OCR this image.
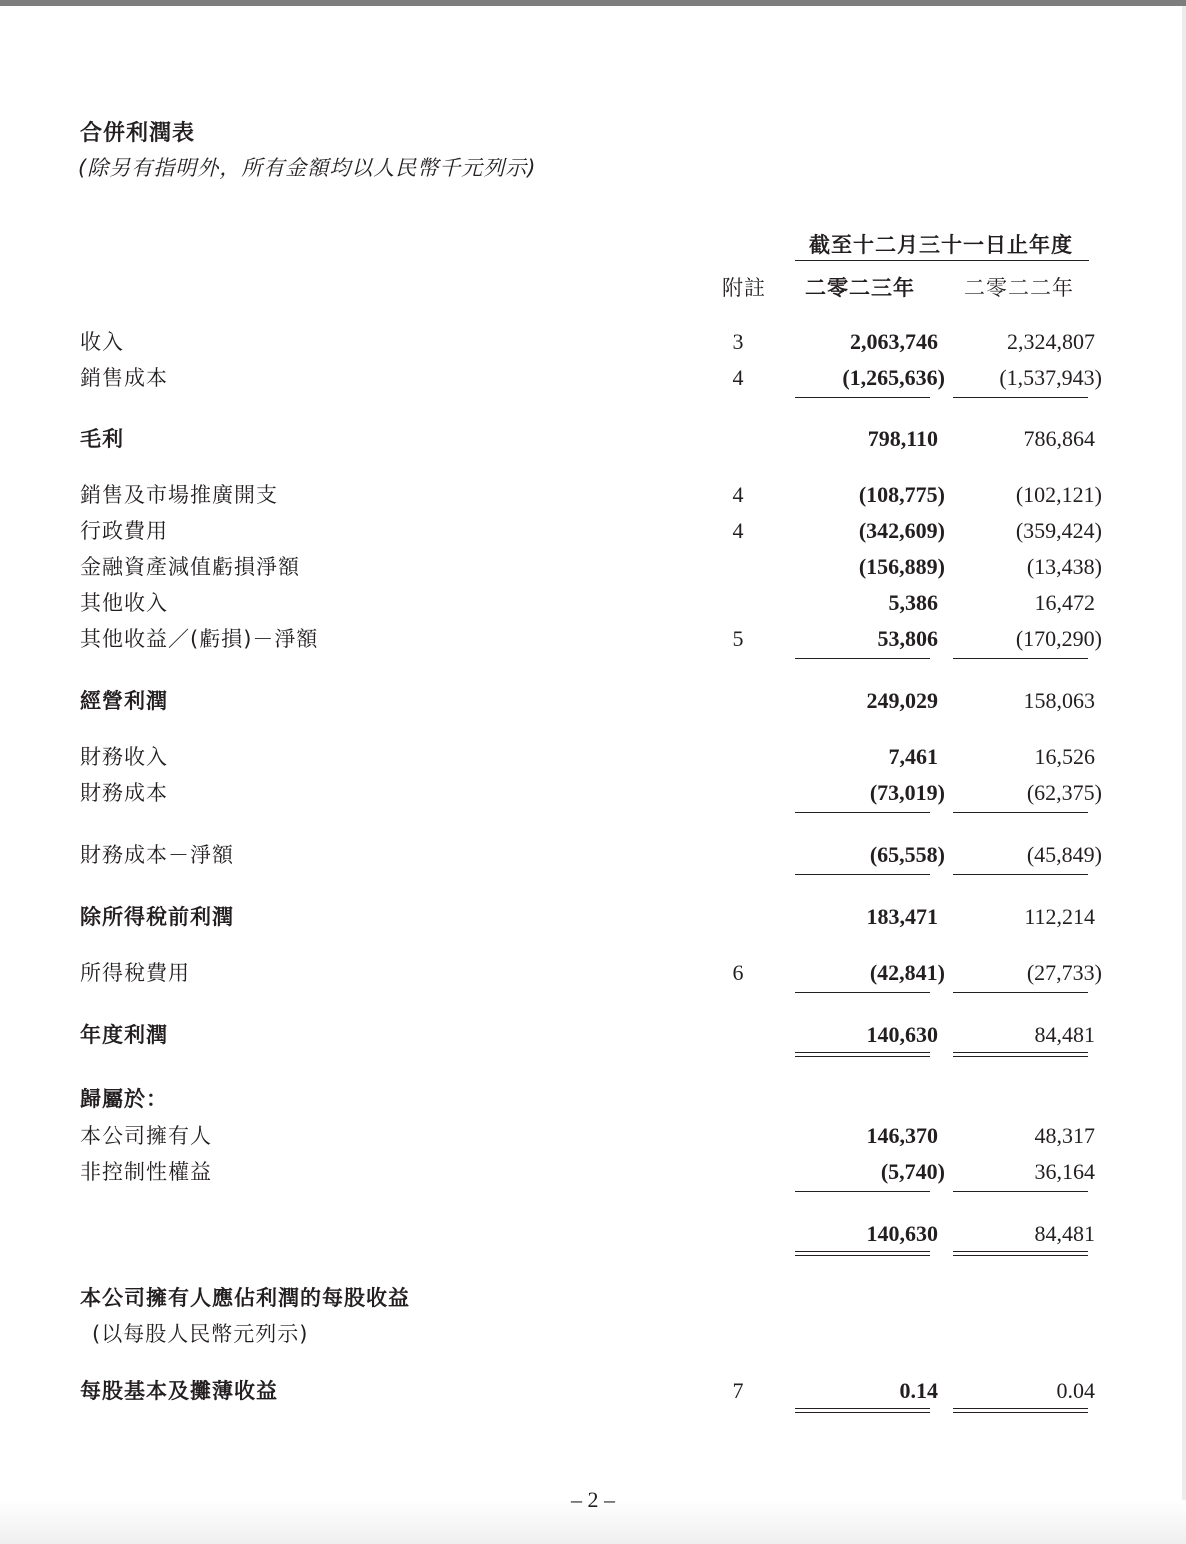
合併利潤表
(除另有指明外，所有金額均以人民幣千元列示)
截至十二月三十一日止年度
附註 二零二三年 二零二二年
收入	3	2,063,746	2,324,807
銷售成本	4	(1,265,636) (1,537,943)
毛利	798,110	786,864
銷售及市場推廣開支	4	(108,775)	(102,121)
行政費用	4	(342,609)	(359,424)
金融資產減值虧損淨額	(156,889)	(13,438)
其他收入	5,386	16,472
其他收益／(虧損)－淨額	5	53,806	(170,290)
經營利潤	249,029	158,063
財務收入	7,461	16,526
財務成本	(73,019)	(62,375)
財務成本－淨額	(65,558)	(45,849)
除所得稅前利潤	183,471	112,214
所得稅費用	6	(42,841)	(27,733)
年度利潤	140,630	84,481
歸屬於：
本公司擁有人	146,370	48,317
非控制性權益	(5,740)	36,164
140,630	84,481
本公司擁有人應佔利潤的每股收益
(以每股人民幣元列示)
每股基本及攤薄收益	7	0.14	0.04
– 2 –
